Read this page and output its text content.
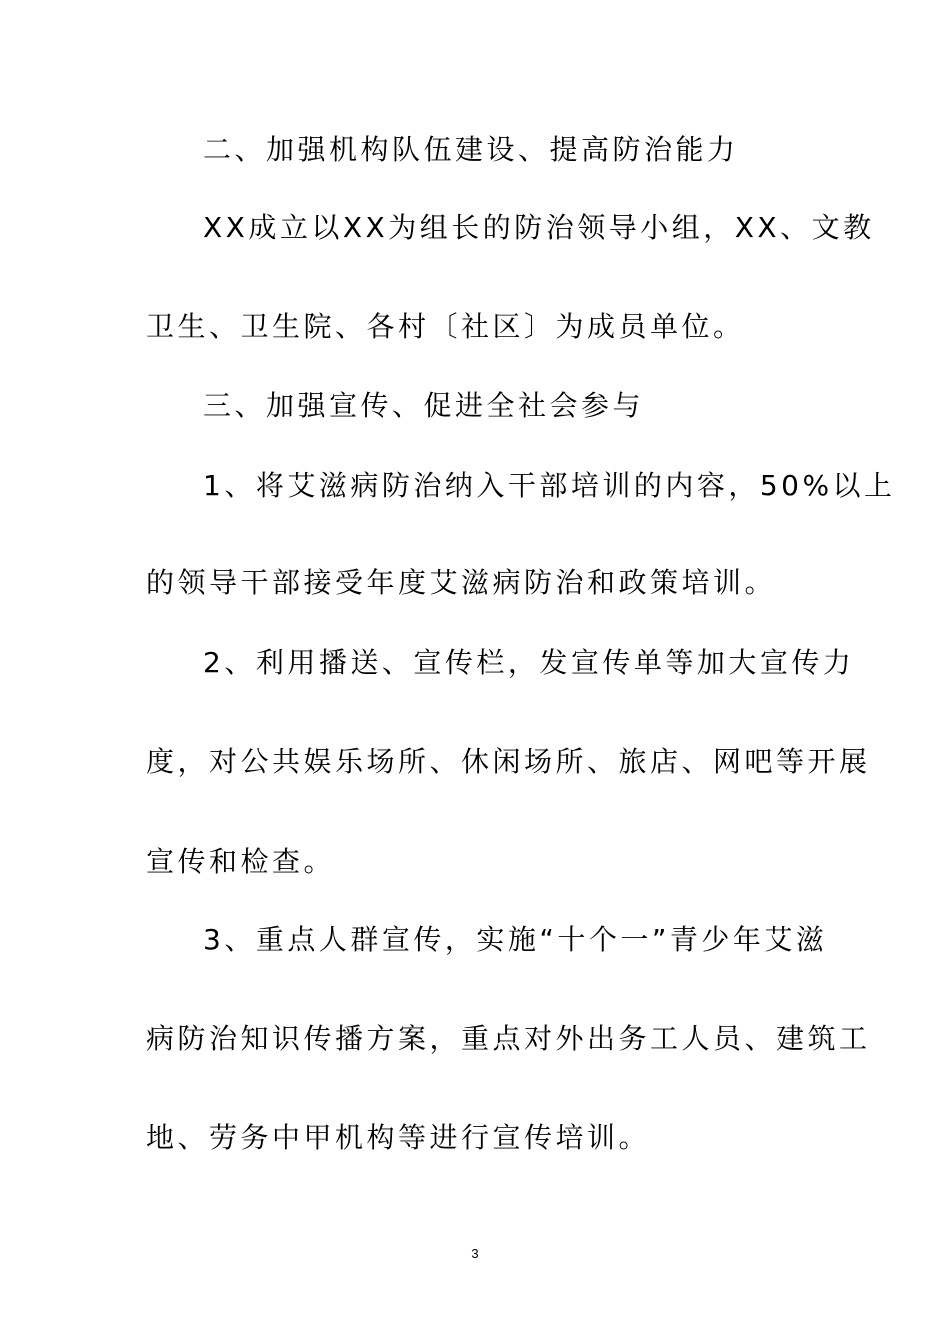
二、加强机构队伍建设、提高防治能力
XX成立以XX为组长的防治领导小组，XX、文教
卫生、卫生院、各村〔社区〕为成员单位。
三、加强宣传、促进全社会参与
1、将艾滋病防治纳入干部培训的内容，50%以上
的领导干部接受年度艾滋病防治和政策培训。
2、利用播送、宣传栏，发宣传单等加大宣传力
度，对公共娱乐场所、休闲场所、旅店、网吧等开展
宣传和检查。
3、重点人群宣传，实施“十个一”青少年艾滋
病防治知识传播方案，重点对外出务工人员、建筑工
地、劳务中甲机构等进行宣传培训。
3
